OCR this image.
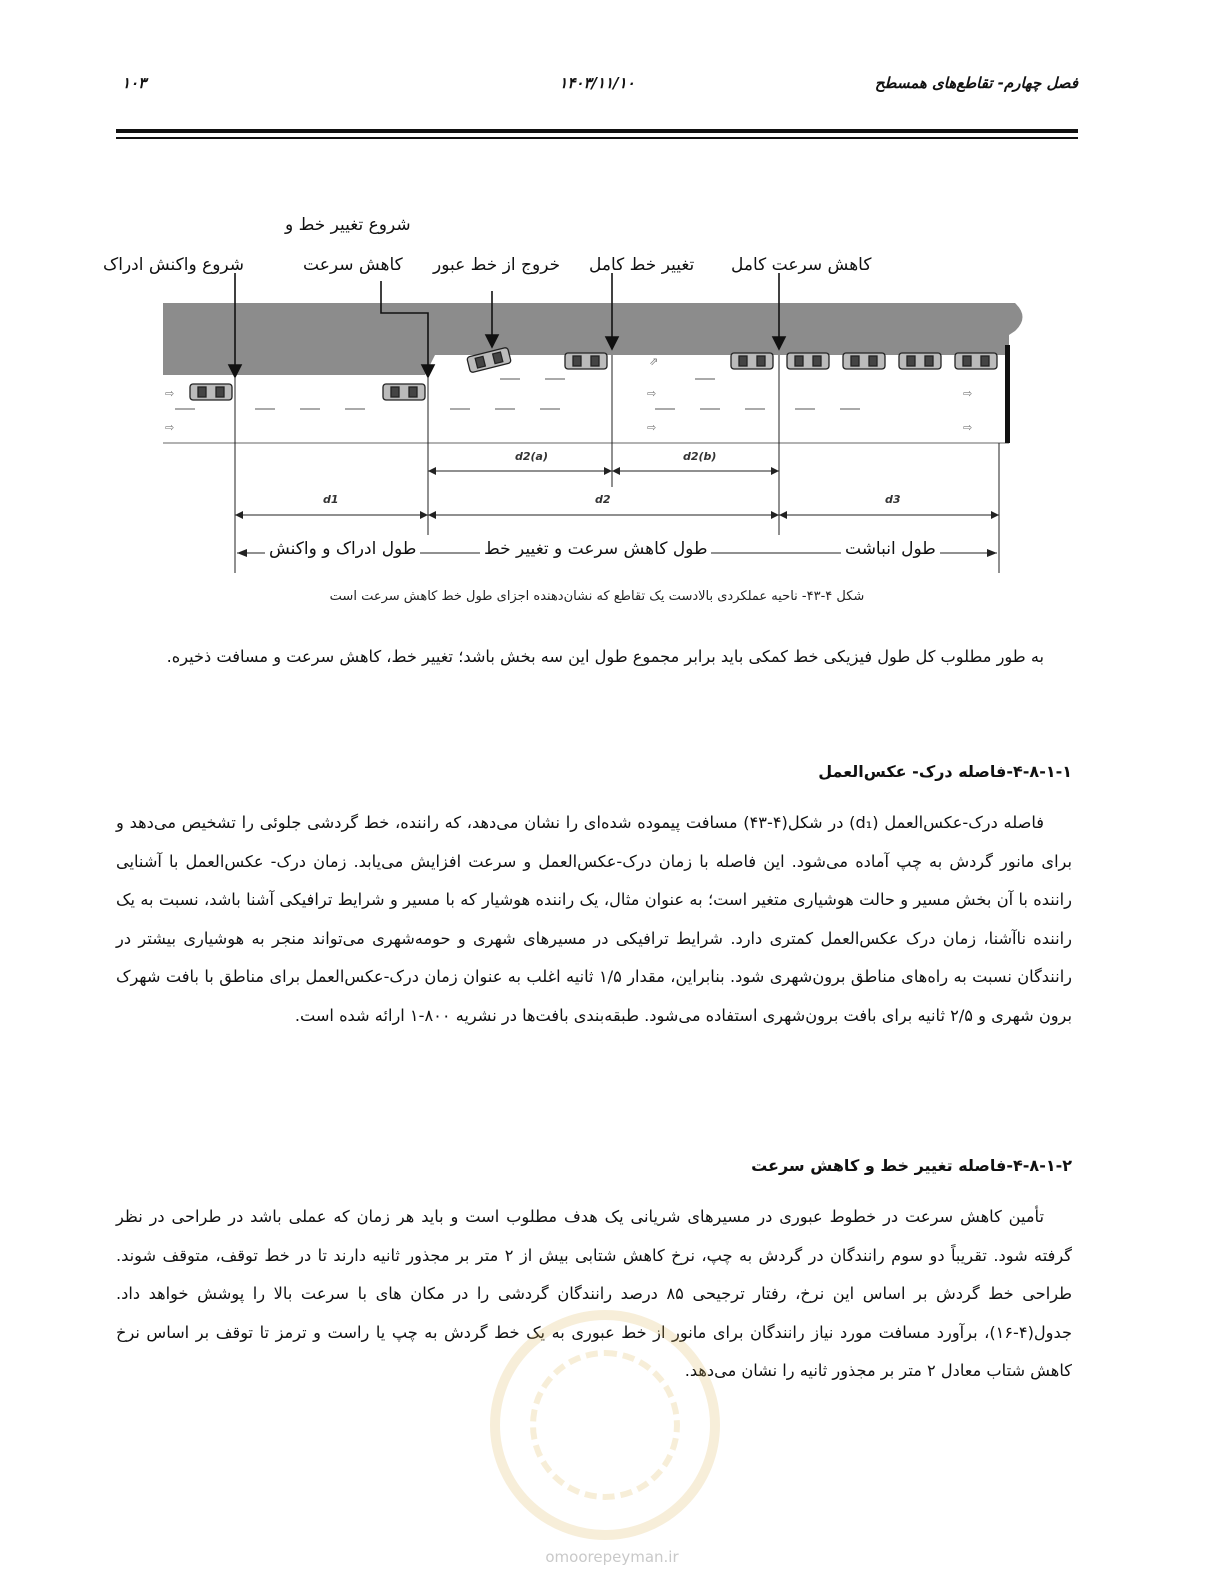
فصل چهارم- تقاطع‌های همسطح
۱۴۰۳/۱۱/۱۰
۱۰۳
⇨
⇨
⇨
⇨
⇨
⇨
⇗
شروع تغییر خط و
شروع واکنش ادراک	کاهش سرعت خروج از خط عبور تغییر خط کامل کاهش سرعت کامل
d2(a)	d2(b)
d1	d2	d3
طول ادراک و واکنش	طول کاهش سرعت و تغییر خط	طول انباشت
شکل ۴-۴۳- ناحیه عملکردی بالادست یک تقاطع که نشان‌دهنده اجزای طول خط کاهش سرعت است

به طور مطلوب کل طول فیزیکی خط کمکی باید برابر مجموع طول این سه بخش باشد؛ تغییر خط، کاهش سرعت و مسافت ذخیره.

۴-۸-۱-۱-فاصله درک- عکس‌العمل

فاصله درک-عکس‌العمل (d₁) در شکل(۴-۴۳) مسافت پیموده شده‌ای را نشان می‌دهد، که راننده، خط گردشی جلوئی را تشخیص می‌دهد و برای مانور گردش به چپ آماده می‌شود. این فاصله با زمان درک-عکس‌العمل و سرعت افزایش می‌یابد. زمان درک- عکس‌العمل با آشنایی راننده با آن بخش مسیر و حالت هوشیاری متغیر است؛ به عنوان مثال، یک راننده هوشیار که با مسیر و شرایط ترافیکی آشنا باشد، نسبت به یک راننده ناآشنا، زمان درک عکس‌العمل کمتری دارد. شرایط ترافیکی در مسیرهای شهری و حومه‌شهری می‌تواند منجر به هوشیاری بیشتر در رانندگان نسبت به راه‌های مناطق برون‌شهری شود. بنابراین، مقدار ۱/۵ ثانیه اغلب به عنوان زمان درک-عکس‌العمل برای مناطق با بافت شهرک برون شهری و ۲/۵ ثانیه برای بافت برون‌شهری استفاده می‌شود. طبقه‌بندی بافت‌ها در نشریه ۸۰۰-۱ ارائه شده است.

۴-۸-۱-۲-فاصله تغییر خط و کاهش سرعت

تأمین کاهش سرعت در خطوط عبوری در مسیرهای شریانی یک هدف مطلوب است و باید هر زمان که عملی باشد در طراحی در نظر گرفته شود. تقریباً دو سوم رانندگان در گردش به چپ، نرخ کاهش شتابی بیش از ۲ متر بر مجذور ثانیه دارند تا در خط توقف، متوقف شوند. طراحی خط گردش بر اساس این نرخ، رفتار ترجیحی ۸۵ درصد رانندگان گردشی را در مکان های با سرعت بالا را پوشش خواهد داد. جدول(۴-۱۶)، برآورد مسافت مورد نیاز رانندگان برای مانور از خط عبوری به یک خط گردش به چپ یا راست و ترمز تا توقف بر اساس نرخ کاهش شتاب معادل ۲ متر بر مجذور ثانیه را نشان می‌دهد.

omoorepeyman.ir
